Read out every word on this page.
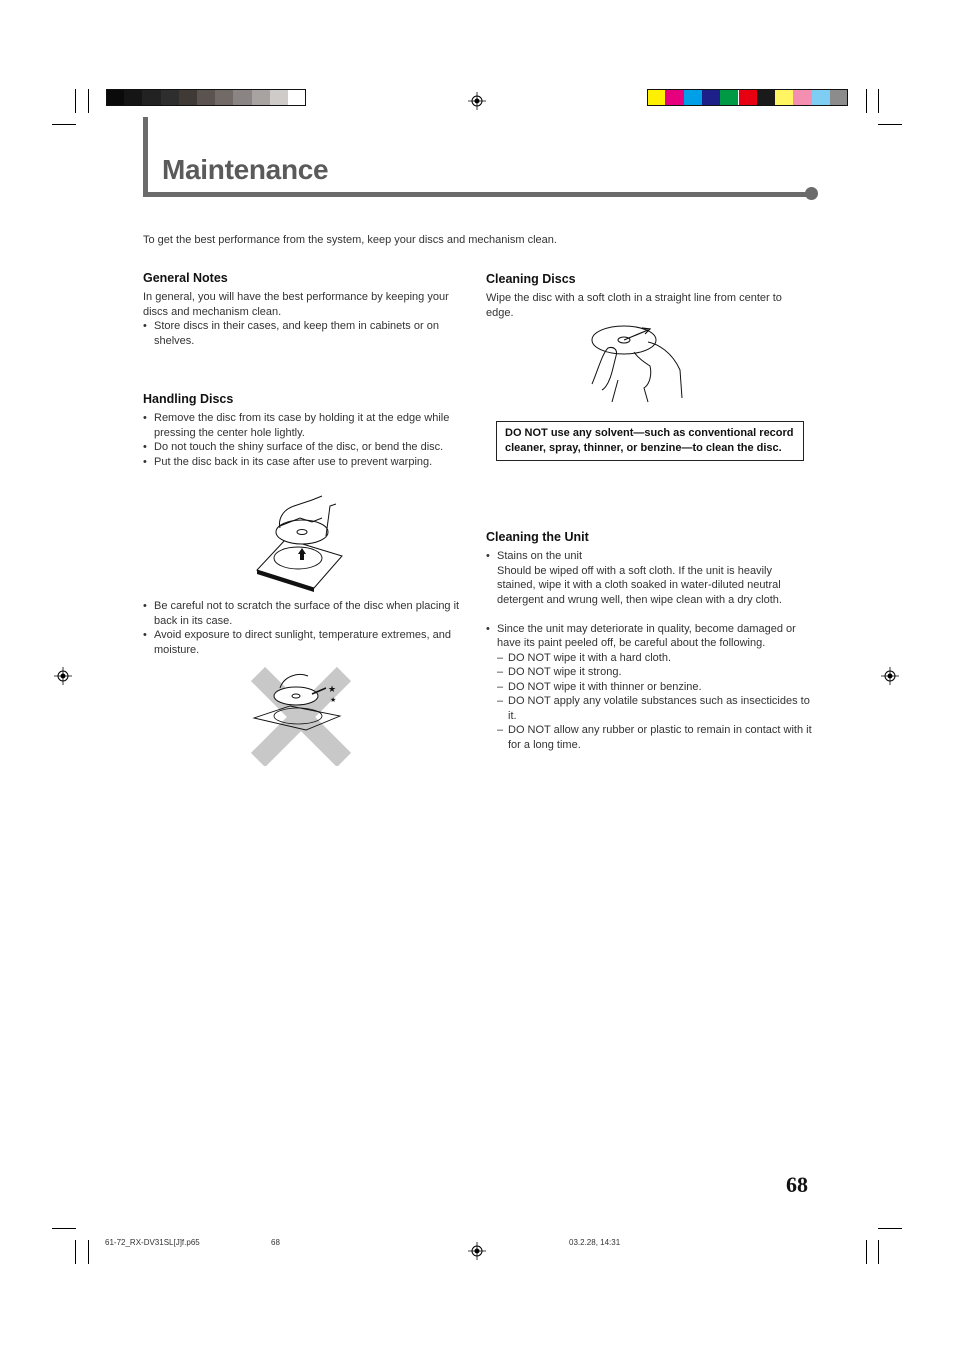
Maintenance
To get the best performance from the system, keep your discs and mechanism clean.
General Notes

In general, you will have the best performance by keeping your discs and mechanism clean.

• Store discs in their cases, and keep them in cabinets or on shelves.
Handling Discs
• Remove the disc from its case by holding it at the edge while pressing the center hole lightly.
• Do not touch the shiny surface of the disc, or bend the disc.
• Put the disc back in its case after use to prevent warping.
• Be careful not to scratch the surface of the disc when placing it back in its case.
• Avoid exposure to direct sunlight, temperature extremes, and moisture.
★
★
Cleaning Discs

Wipe the disc with a soft cloth in a straight line from center to edge.

DO NOT use any solvent—such as conventional record cleaner, spray, thinner, or benzine—to clean the disc.
Cleaning the Unit
• Stains on the unit
Should be wiped off with a soft cloth. If the unit is heavily stained, wipe it with a cloth soaked in water-diluted neutral detergent and wrung well, then wipe clean with a dry cloth.
• Since the unit may deteriorate in quality, become damaged or have its paint peeled off, be careful about the following.
– DO NOT wipe it with a hard cloth.
– DO NOT wipe it strong.
– DO NOT wipe it with thinner or benzine.
– DO NOT apply any volatile substances such as insecticides to it.
– DO NOT allow any rubber or plastic to remain in contact with it for a long time.
68
61-72_RX-DV31SL[J]f.p65	68	03.2.28, 14:31
